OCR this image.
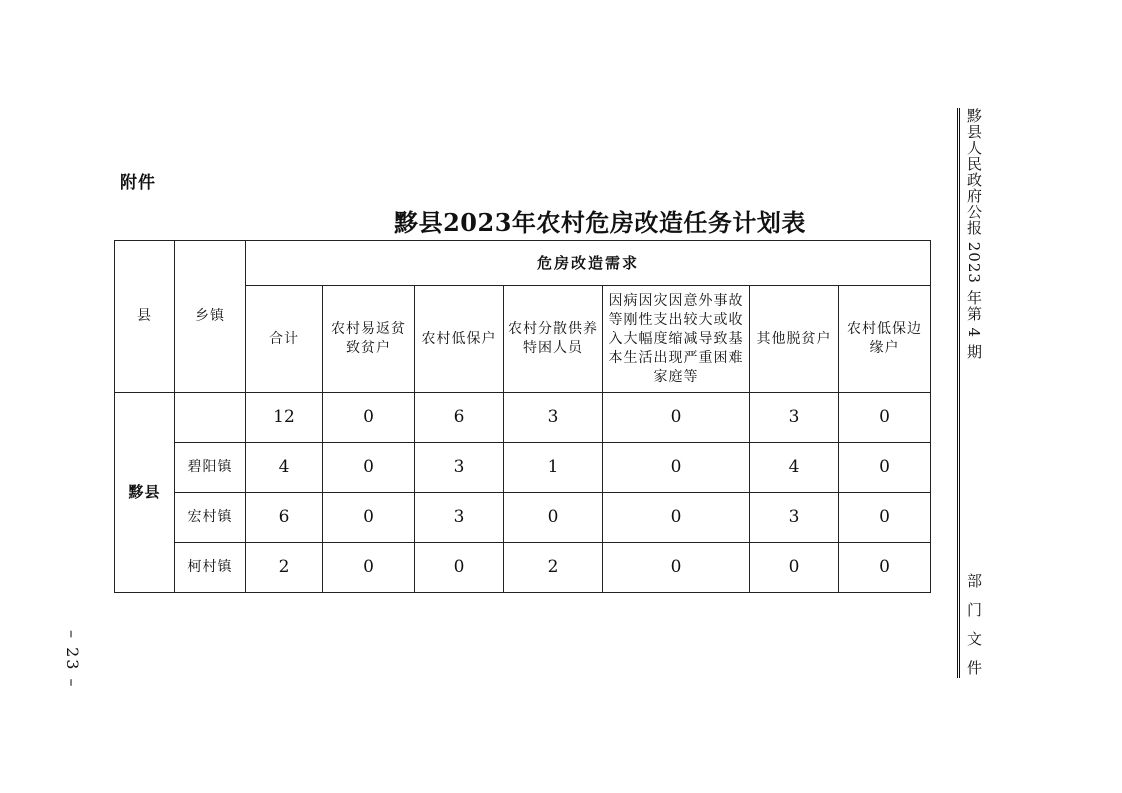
附件
黟县2023年农村危房改造任务计划表
县	乡镇	危房改造需求						
		合计	农村易返贫致贫户	农村低保户	农村分散供养特困人员	因病因灾因意外事故等刚性支出较大或收入大幅度缩减导致基本生活出现严重困难家庭等	其他脱贫户	农村低保边缘户
黟县		12	0	6	3	0	3	0
	碧阳镇	4	0	3	1	0	4	0
	宏村镇	6	0	3	0	0	3	0
	柯村镇	2	0	0	2	0	0	0
– 23 –
黟县人民政府公报 2023 年第 4 期
部门文件
